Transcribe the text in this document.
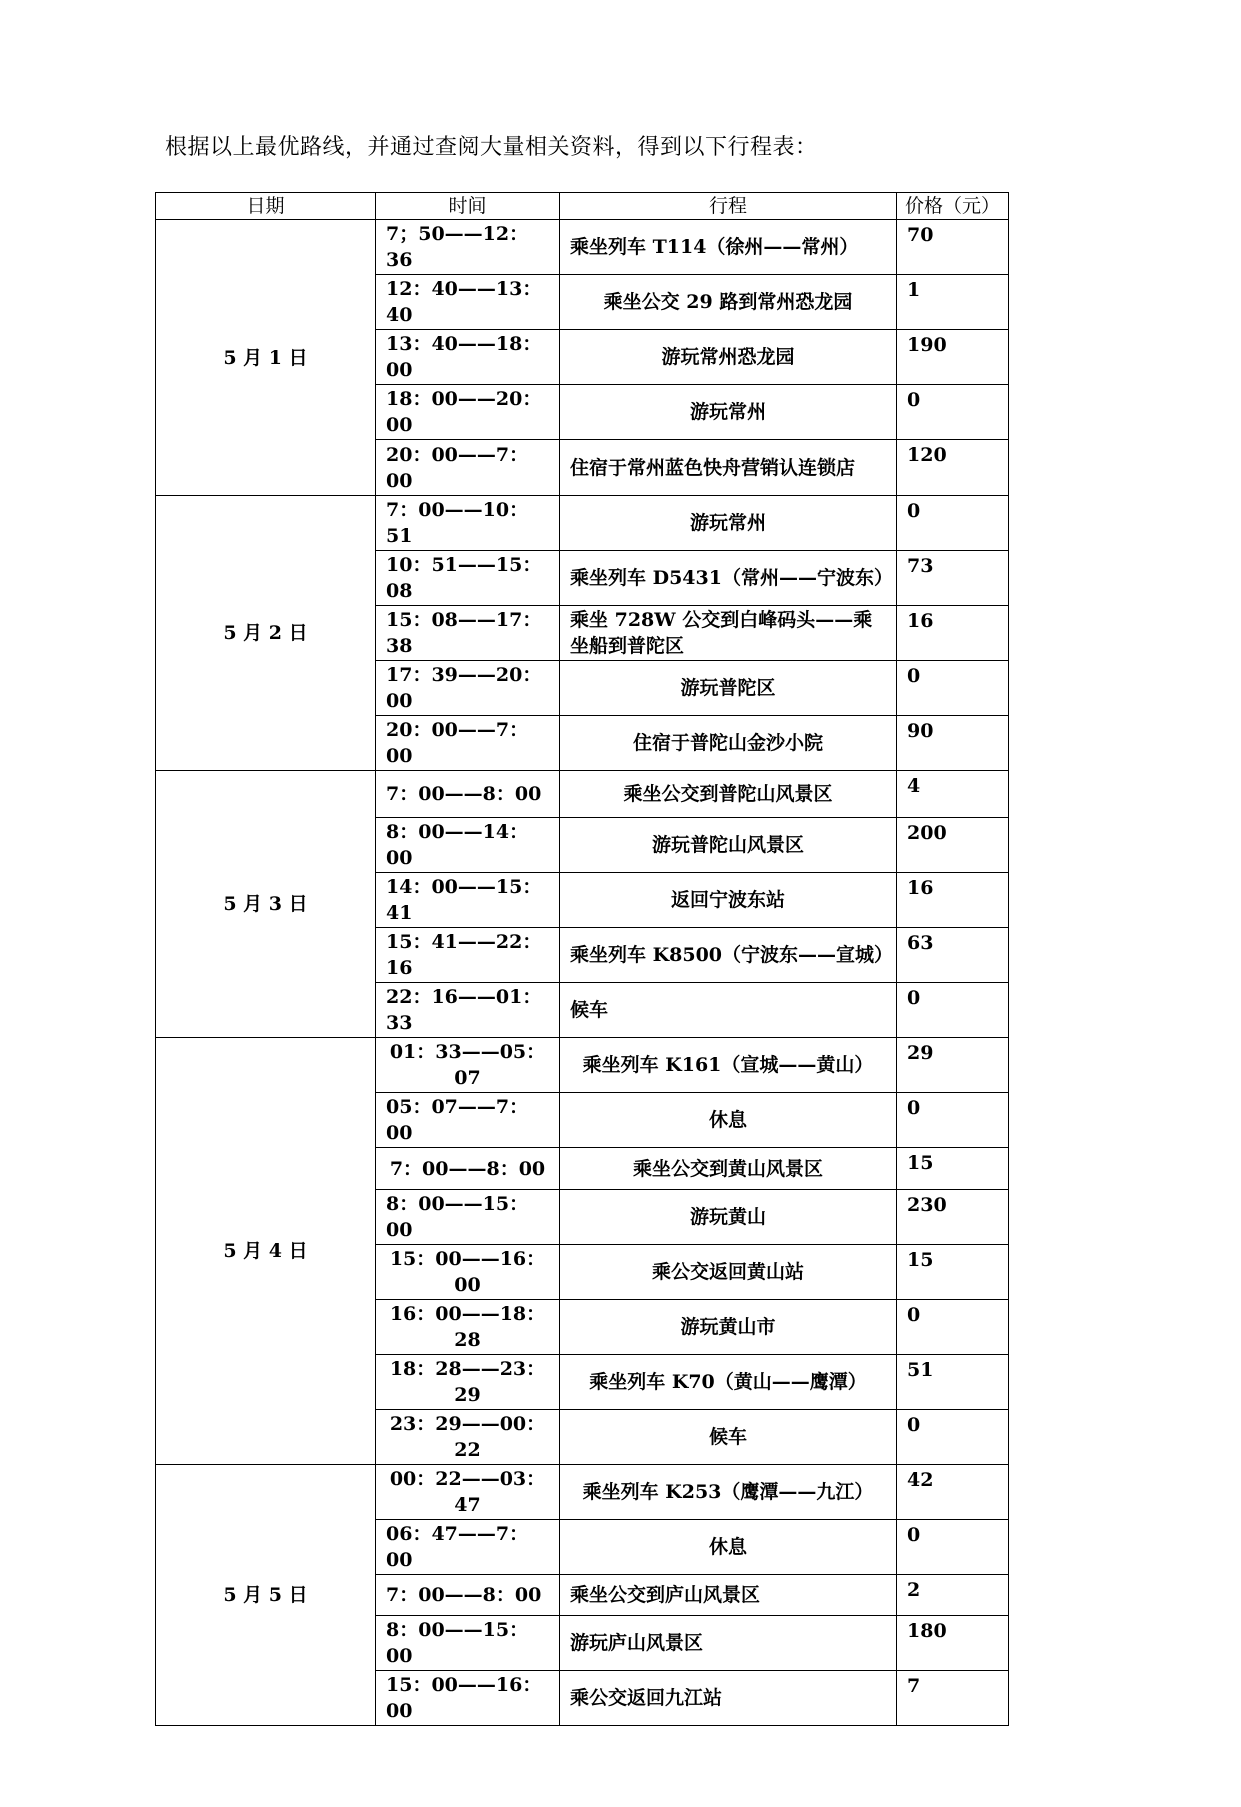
根据以上最优路线，并通过查阅大量相关资料，得到以下行程表：
日期	时间	行程	价格（元）
5 月 1 日	7；50——12：36	乘坐列车 T114（徐州——常州）	70
	12：40——13：40	乘坐公交 29 路到常州恐龙园	1
	13：40——18：00	游玩常州恐龙园	190
	18：00——20：00	游玩常州	0
	20：00——7：00	住宿于常州蓝色快舟营销认连锁店	120
5 月 2 日	7：00——10：51	游玩常州	0
	10：51——15：08	乘坐列车 D5431（常州——宁波东）	73
	15：08——17：38	乘坐 728W 公交到白峰码头——乘坐船到普陀区	16
	17：39——20：00	游玩普陀区	0
	20：00——7：00	住宿于普陀山金沙小院	90
5 月 3 日	7：00——8：00	乘坐公交到普陀山风景区	4
	8：00——14：00	游玩普陀山风景区	200
	14：00——15：41	返回宁波东站	16
	15：41——22：16	乘坐列车 K8500（宁波东——宣城）	63
	22：16——01：33	候车	0
5 月 4 日	01：33——05：07	乘坐列车 K161（宣城——黄山）	29
	05：07——7：00	休息	0
	7：00——8：00	乘坐公交到黄山风景区	15
	8：00——15：00	游玩黄山	230
	15：00——16：00	乘公交返回黄山站	15
	16：00——18：28	游玩黄山市	0
	18：28——23：29	乘坐列车 K70（黄山——鹰潭）	51
	23：29——00：22	候车	0
5 月 5 日	00：22——03：47	乘坐列车 K253（鹰潭——九江）	42
	06：47——7：00	休息	0
	7：00——8：00	乘坐公交到庐山风景区	2
	8：00——15：00	游玩庐山风景区	180
	15：00——16：00	乘公交返回九江站	7
